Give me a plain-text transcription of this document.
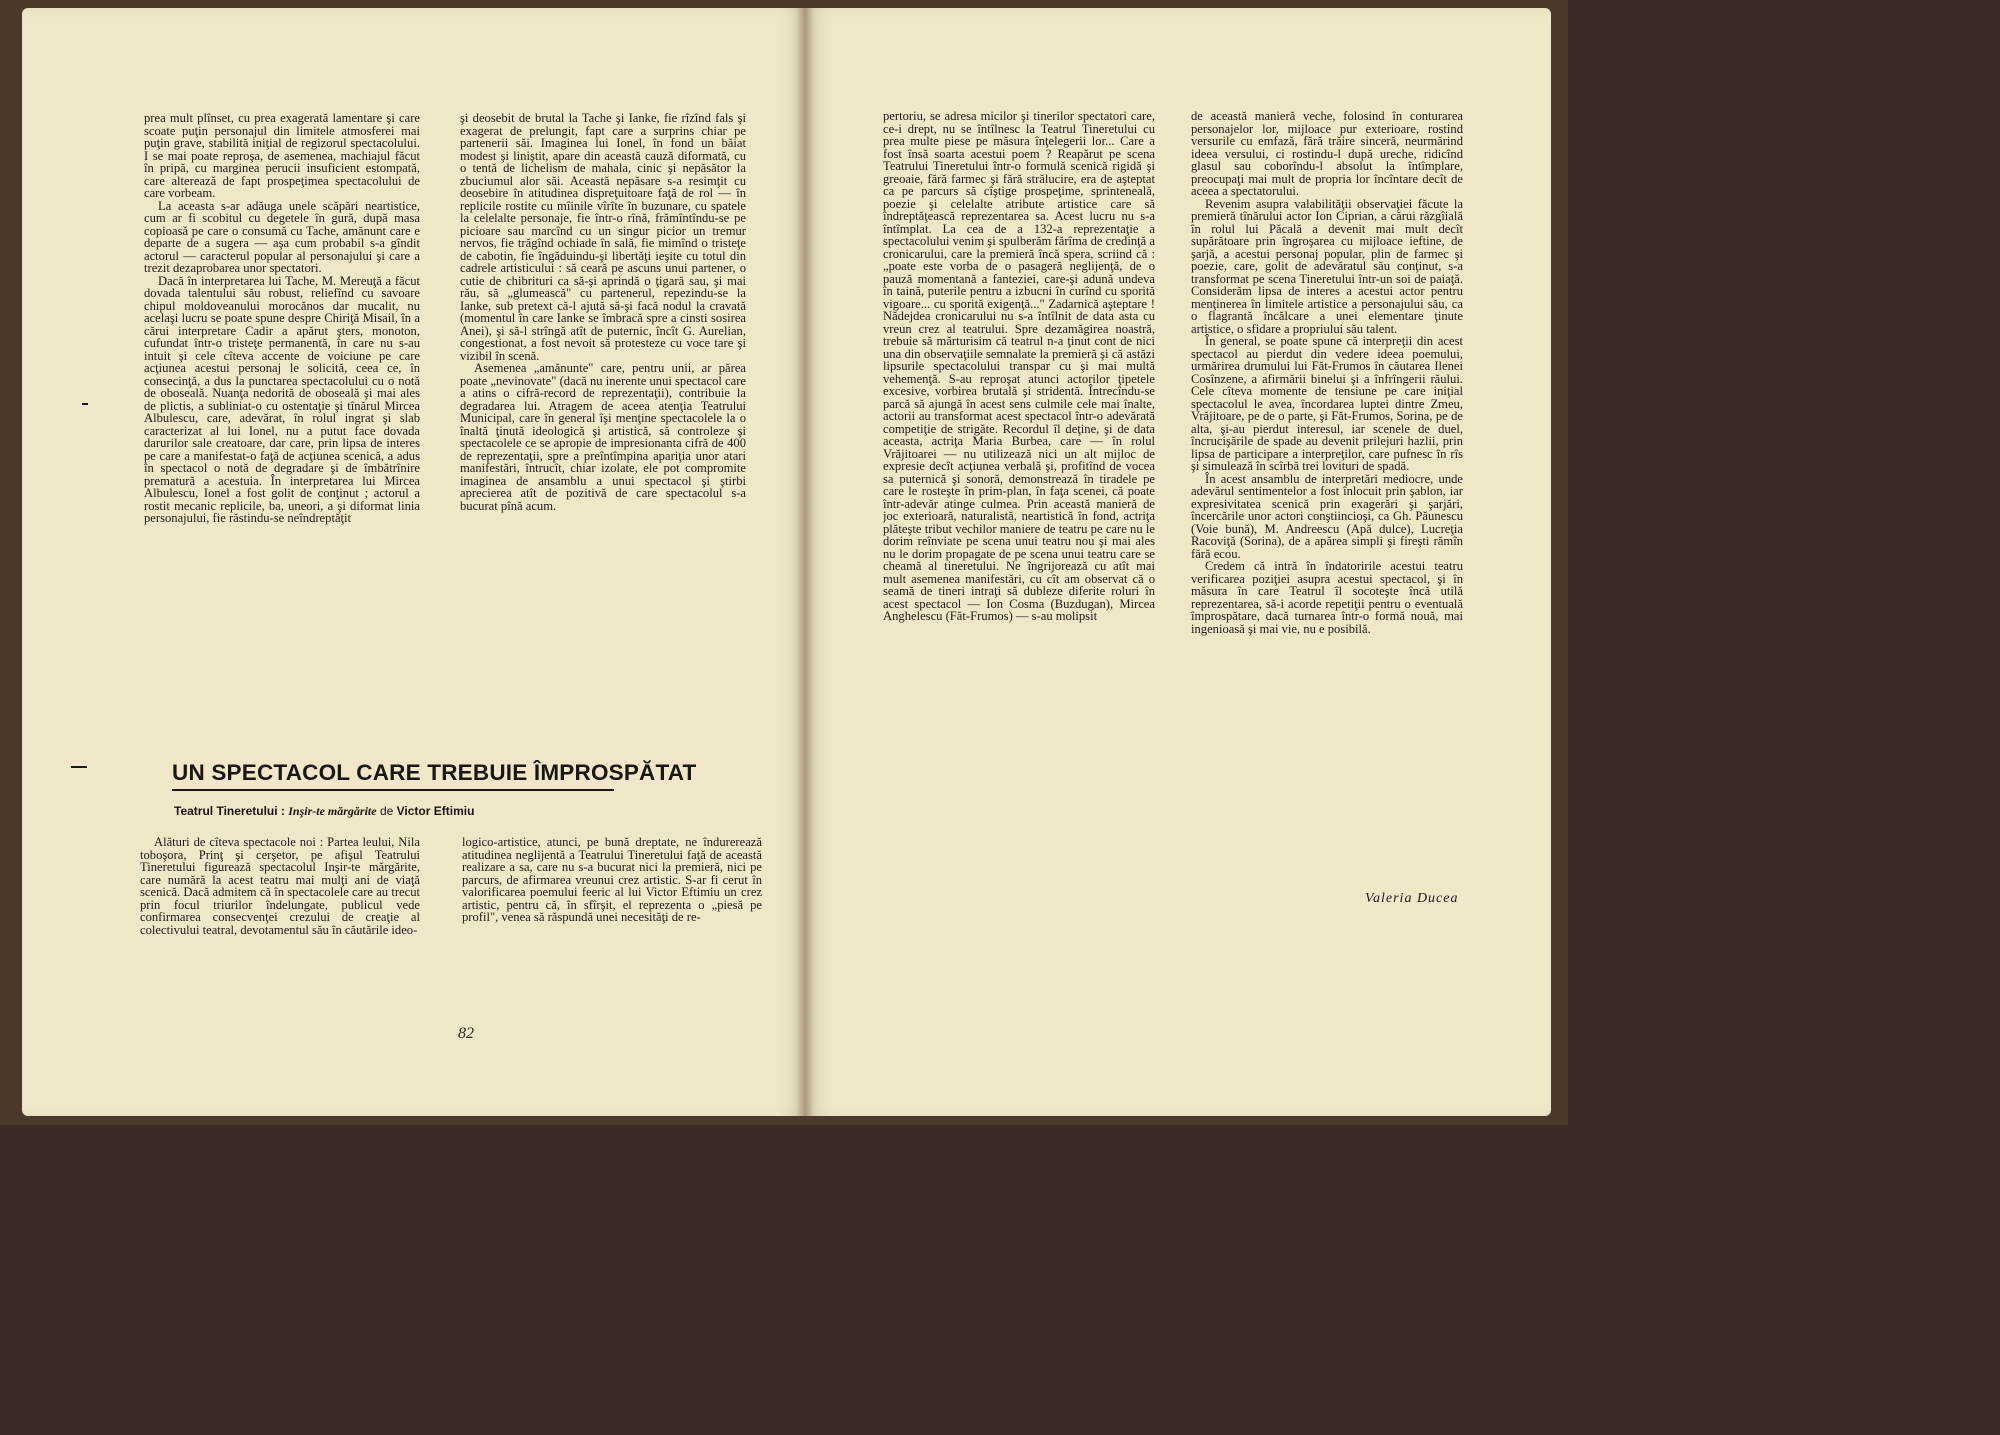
prea mult plînset, cu prea exagerată lamentare şi care scoate puţin personajul din limitele atmosferei mai puţin grave, stabilită iniţial de regizorul spectacolului. I se mai poate reproşa, de asemenea, machiajul făcut în pripă, cu marginea perucii insuficient estompată, care alterează de fapt prospeţimea spectacolului de care vorbeam.

La aceasta s-ar adăuga unele scăpări neartistice, cum ar fi scobitul cu degetele în gură, după masa copioasă pe care o consumă cu Tache, amănunt care e departe de a sugera — aşa cum probabil s-a gîndit actorul — caracterul popular al personajului şi care a trezit dezaprobarea unor spectatori.

Dacă în interpretarea lui Tache, M. Mereuţă a făcut dovada talentului său robust, reliefînd cu savoare chipul moldoveanului morocănos dar mucalit, nu acelaşi lucru se poate spune despre Chiriţă Misail, în a cărui interpretare Cadir a apărut şters, monoton, cufundat într-o tristeţe permanentă, în care nu s-au intuit şi cele cîteva accente de voiciune pe care acţiunea acestui personaj le solicită, ceea ce, în consecinţă, a dus la punctarea spectacolului cu o notă de oboseală. Nuanţa nedorită de oboseală şi mai ales de plictis, a subliniat-o cu ostentaţie şi tînărul Mircea Albulescu, care, adevărat, în rolul ingrat şi slab caracterizat al lui Ionel, nu a putut face dovada darurilor sale creatoare, dar care, prin lipsa de interes pe care a manifestat-o faţă de acţiunea scenică, a adus în spectacol o notă de degradare şi de îmbătrînire prematură a acestuia. În interpretarea lui Mircea Albulescu, Ionel a fost golit de conţinut ; actorul a rostit mecanic replicile, ba, uneori, a şi diformat linia personajului, fie răstindu-se neîndreptăţit

şi deosebit de brutal la Tache şi Ianke, fie rîzînd fals şi exagerat de prelungit, fapt care a surprins chiar pe partenerii săi. Imaginea lui Ionel, în fond un băiat modest şi liniştit, apare din această cauză diformată, cu o tentă de lichelism de mahala, cinic şi nepăsător la zbuciumul alor săi. Această nepăsare s-a resimţit cu deosebire în atitudinea dispreţuitoare faţă de rol — în replicile rostite cu mîinile vîrîte în buzunare, cu spatele la celelalte personaje, fie într-o rînă, frămîntîndu-se pe picioare sau marcînd cu un singur picior un tremur nervos, fie trăgînd ochiade în sală, fie mimînd o tristeţe de cabotin, fie îngăduindu-şi libertăţi ieşite cu totul din cadrele artisticului : să ceară pe ascuns unui partener, o cutie de chibrituri ca să-şi aprindă o ţigară sau, şi mai rău, să „glumească" cu partenerul, repezindu-se la Ianke, sub pretext că-l ajută să-şi facă nodul la cravată (momentul în care Ianke se îmbracă spre a cinsti sosirea Anei), şi să-l strîngă atît de puternic, încît G. Aurelian, congestionat, a fost nevoit să protesteze cu voce tare şi vizibil în scenă.

Asemenea „amănunte" care, pentru unii, ar părea poate „nevinovate" (dacă nu inerente unui spectacol care a atins o cifră-record de reprezentaţii), contribuie la degradarea lui. Atragem de aceea atenţia Teatrului Municipal, care în general îşi menţine spectacolele la o înaltă ţinută ideologică şi artistică, să controleze şi spectacolele ce se apropie de impresionanta cifră de 400 de reprezentaţii, spre a preîntîmpina apariţia unor atari manifestări, întrucît, chiar izolate, ele pot compromite imaginea de ansamblu a unui spectacol şi ştirbi aprecierea atît de pozitivă de care spectacolul s-a bucurat pînă acum.

UN SPECTACOL CARE TREBUIE ÎMPROSPĂTAT
Teatrul Tineretului : Inşir-te mărgărite de Victor Eftimiu

Alături de cîteva spectacole noi : Partea leului, Nila toboşora, Prinţ şi cerşetor, pe afişul Teatrului Tineretului figurează spectacolul Inşir-te mărgărite, care numără la acest teatru mai mulţi ani de viaţă scenică. Dacă admitem că în spectacolele care au trecut prin focul triurilor îndelungate, publicul vede confirmarea consecvenţei crezului de creaţie al colectivului teatral, devotamentul său în căutările ideo-

logico-artistice, atunci, pe bună dreptate, ne îndurerează atitudinea neglijentă a Teatrului Tineretului faţă de această realizare a sa, care nu s-a bucurat nici la premieră, nici pe parcurs, de afirmarea vreunui crez artistic. S-ar fi cerut în valorificarea poemului feeric al lui Victor Eftimiu un crez artistic, pentru că, în sfîrşit, el reprezenta o „piesă pe profil", venea să răspundă unei necesităţi de re-

82

pertoriu, se adresa micilor şi tinerilor spectatori care, ce-i drept, nu se întîlnesc la Teatrul Tineretului cu prea multe piese pe măsura înţelegerii lor... Care a fost însă soarta acestui poem ? Reapărut pe scena Teatrului Tineretului într-o formulă scenică rigidă şi greoaie, fără farmec şi fără strălucire, era de aşteptat ca pe parcurs să cîştige prospeţime, sprinteneală, poezie şi celelalte atribute artistice care să îndreptăţească reprezentarea sa. Acest lucru nu s-a întîmplat. La cea de a 132-a reprezentaţie a spectacolului venim şi spulberăm fărîma de credinţă a cronicarului, care la premieră încă spera, scriind că : „poate este vorba de o pasageră neglijenţă, de o pauză momentană a fanteziei, care-şi adună undeva în taină, puterile pentru a izbucni în curînd cu sporită vigoare... cu sporită exigenţă..." Zadarnică aşteptare ! Nădejdea cronicarului nu s-a întîlnit de data asta cu vreun crez al teatrului. Spre dezamăgirea noastră, trebuie să mărturisim că teatrul n-a ţinut cont de nici una din observaţiile semnalate la premieră şi că astăzi lipsurile spectacolului transpar cu şi mai multă vehemenţă. S-au reproşat atunci actorilor ţipetele excesive, vorbirea brutală şi stridentă. Întrecîndu-se parcă să ajungă în acest sens culmile cele mai înalte, actorii au transformat acest spectacol într-o adevărată competiţie de strigăte. Recordul îl deţine, şi de data aceasta, actriţa Maria Burbea, care — în rolul Vrăjitoarei — nu utilizează nici un alt mijloc de expresie decît acţiunea verbală şi, profitînd de vocea sa puternică şi sonoră, demonstrează în tiradele pe care le rosteşte în prim-plan, în faţa scenei, că poate într-adevăr atinge culmea. Prin această manieră de joc exterioară, naturalistă, neartistică în fond, actriţa plăteşte tribut vechilor maniere de teatru pe care nu le dorim reînviate pe scena unui teatru nou şi mai ales nu le dorim propagate de pe scena unui teatru care se cheamă al tineretului. Ne îngrijorează cu atît mai mult asemenea manifestări, cu cît am observat că o seamă de tineri intraţi să dubleze diferite roluri în acest spectacol — Ion Cosma (Buzdugan), Mircea Anghelescu (Făt-Frumos) — s-au molipsit

de această manieră veche, folosind în conturarea personajelor lor, mijloace pur exterioare, rostind versurile cu emfază, fără trăire sinceră, neurmărind ideea versului, ci rostindu-l după ureche, ridicînd glasul sau coborîndu-l absolut la întîmplare, preocupaţi mai mult de propria lor încîntare decît de aceea a spectatorului.

Revenim asupra valabilităţii observaţiei făcute la premieră tînărului actor Ion Ciprian, a cărui răzgîială în rolul lui Păcală a devenit mai mult decît supărătoare prin îngroşarea cu mijloace ieftine, de şarjă, a acestui personaj popular, plin de farmec şi poezie, care, golit de adevăratul său conţinut, s-a transformat pe scena Tineretului într-un soi de paiaţă. Considerăm lipsa de interes a acestui actor pentru menţinerea în limitele artistice a personajului său, ca o flagrantă încălcare a unei elementare ţinute artistice, o sfidare a propriului său talent.

În general, se poate spune că interpreţii din acest spectacol au pierdut din vedere ideea poemului, urmărirea drumului lui Făt-Frumos în căutarea Ilenei Cosînzene, a afirmării binelui şi a înfrîngerii răului. Cele cîteva momente de tensiune pe care iniţial spectacolul le avea, încordarea luptei dintre Zmeu, Vrăjitoare, pe de o parte, şi Făt-Frumos, Sorina, pe de alta, şi-au pierdut interesul, iar scenele de duel, încrucişările de spade au devenit prilejuri hazlii, prin lipsa de participare a interpreţilor, care pufnesc în rîs şi simulează în scîrbă trei lovituri de spadă.

În acest ansamblu de interpretări mediocre, unde adevărul sentimentelor a fost înlocuit prin şablon, iar expresivitatea scenică prin exagerări şi şarjări, încercările unor actori conştiincioşi, ca Gh. Păunescu (Voie bună), M. Andreescu (Apă dulce), Lucreţia Racoviţă (Sorina), de a apărea simpli şi fireşti rămîn fără ecou.

Credem că intră în îndatoririle acestui teatru verificarea poziţiei asupra acestui spectacol, şi în măsura în care Teatrul îl socoteşte încă utilă reprezentarea, să-i acorde repetiţii pentru o eventuală împrospătare, dacă turnarea într-o formă nouă, mai ingenioasă şi mai vie, nu e posibilă.

Valeria Ducea
